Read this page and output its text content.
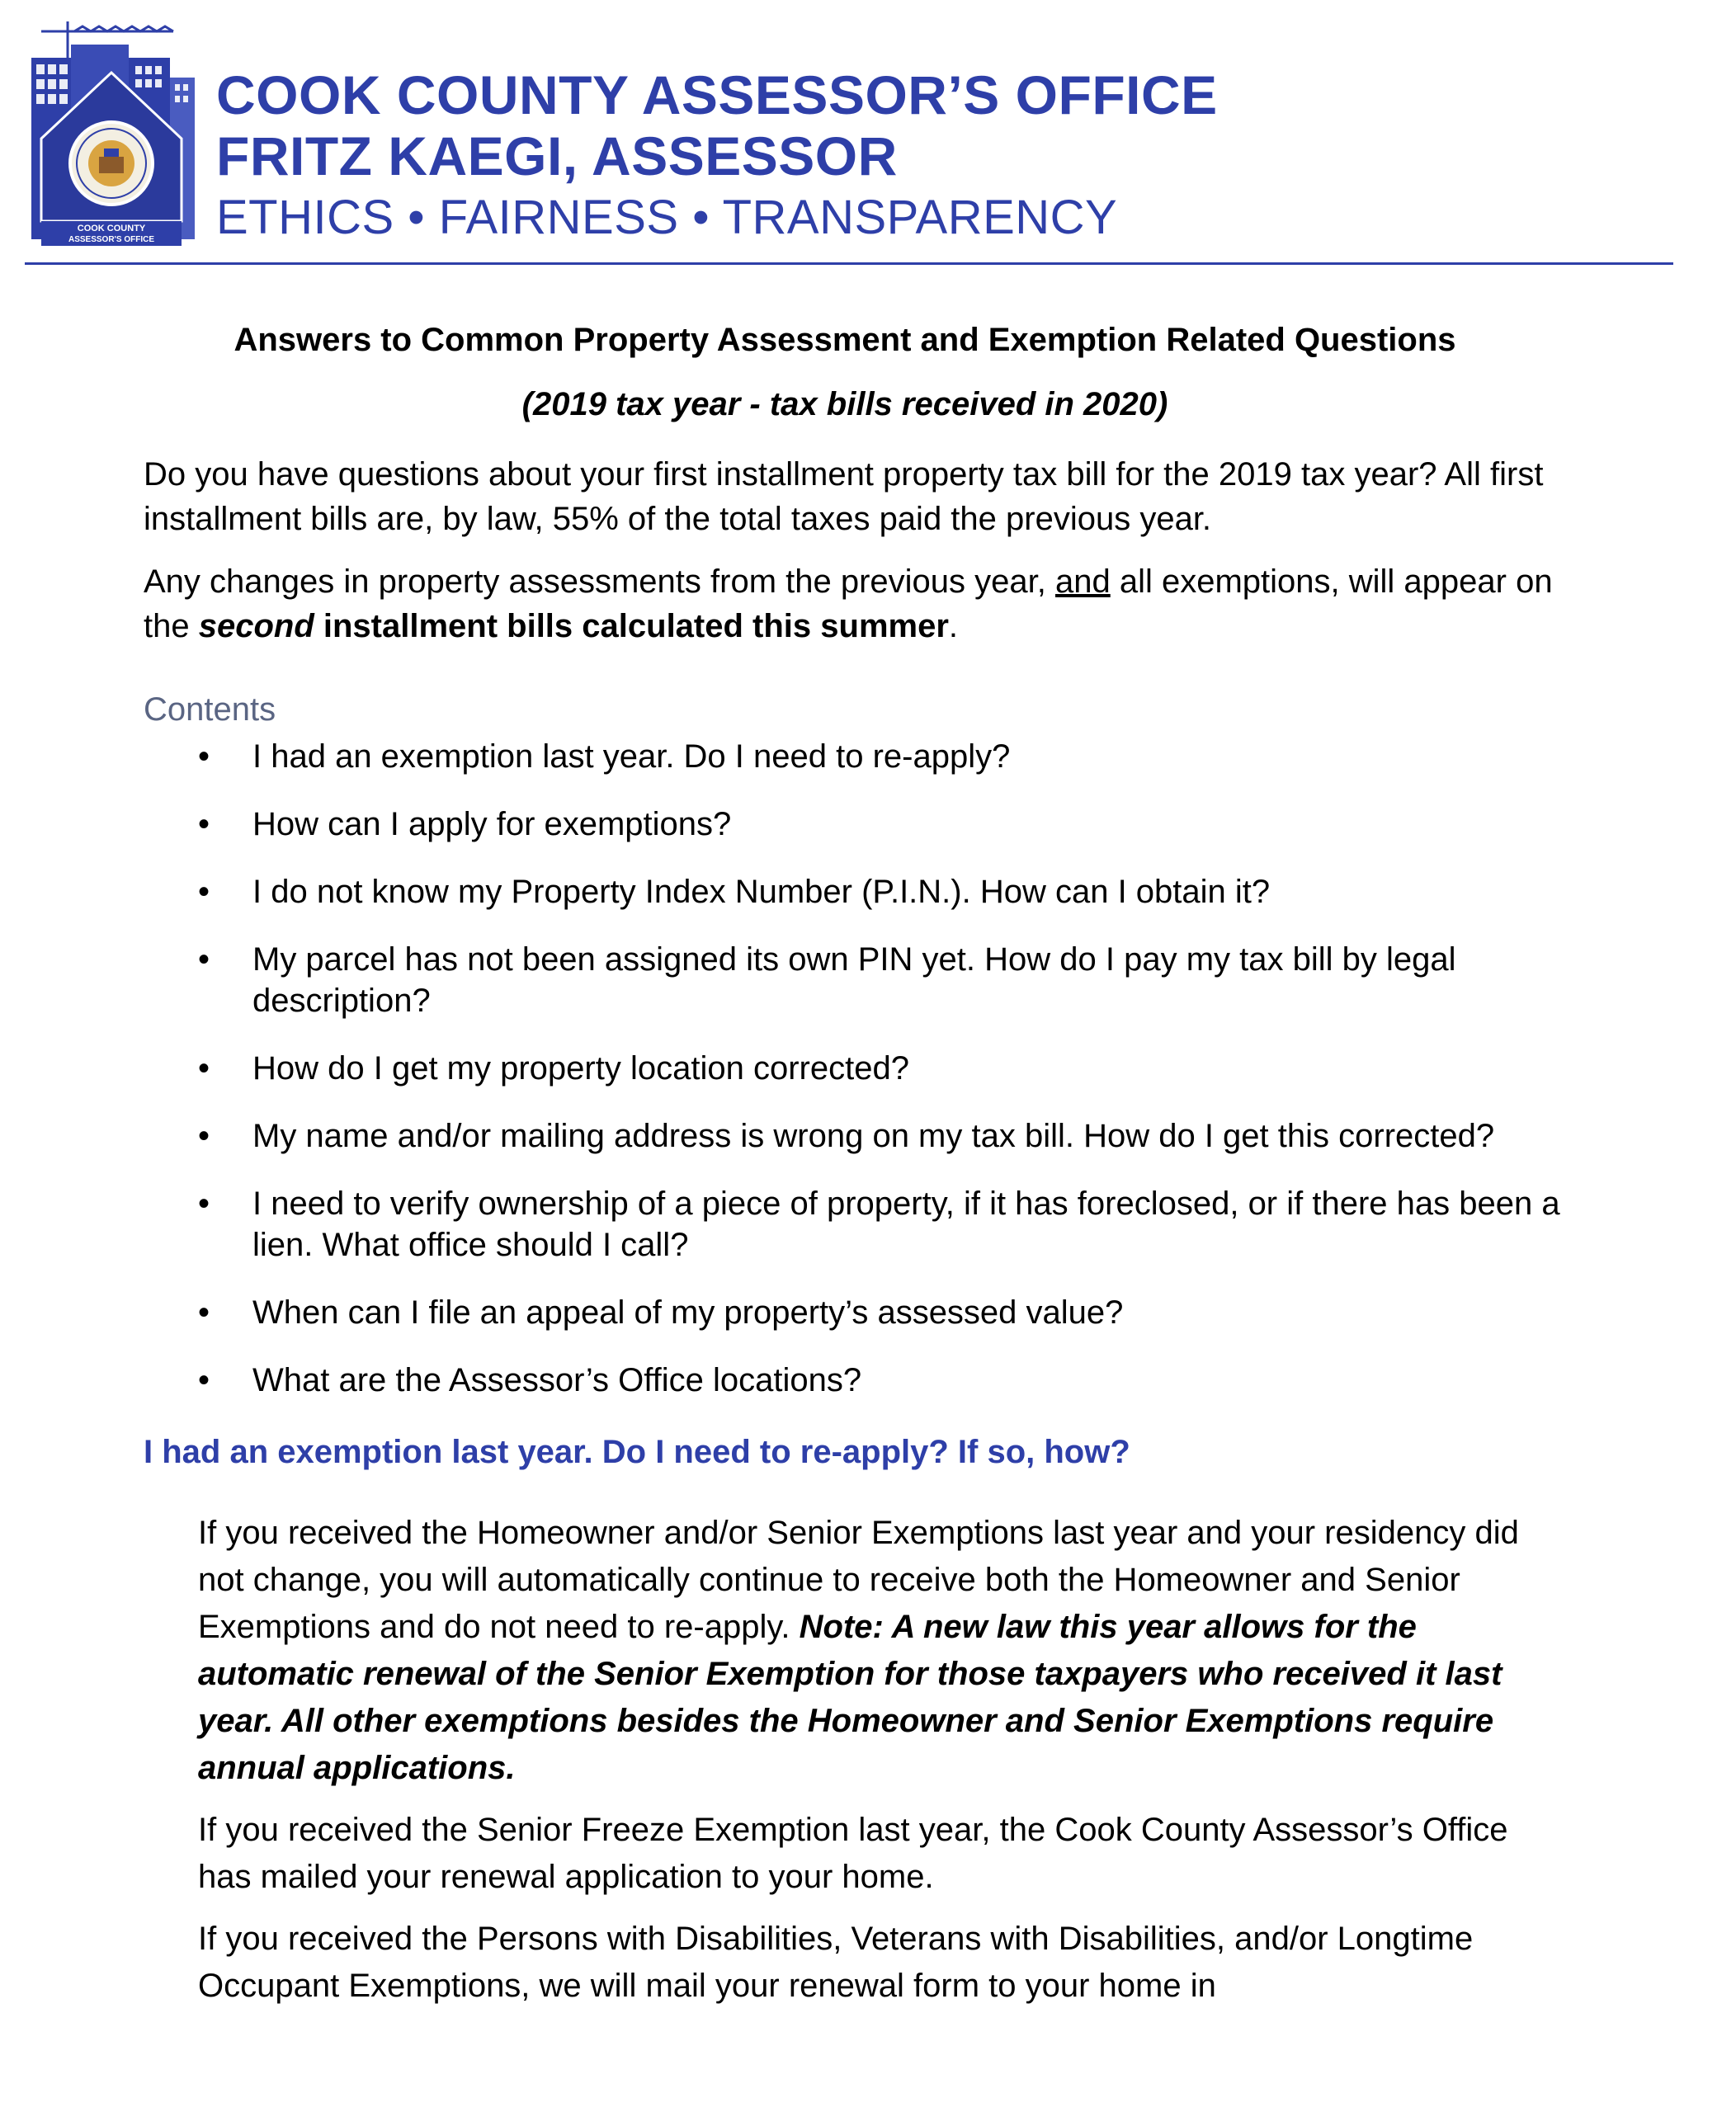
COOK COUNTY
ASSESSOR'S OFFICE
COOK COUNTY ASSESSOR’S OFFICE
FRITZ KAEGI, ASSESSOR
ETHICS • FAIRNESS • TRANSPARENCY

Answers to Common Property Assessment and Exemption Related Questions

(2019 tax year - tax bills received in 2020)

Do you have questions about your first installment property tax bill for the 2019 tax year? All first installment bills are, by law, 55% of the total taxes paid the previous year.

Any changes in property assessments from the previous year, and all exemptions, will appear on the second installment bills calculated this summer.

Contents
• I had an exemption last year. Do I need to re-apply?
• How can I apply for exemptions?
• I do not know my Property Index Number (P.I.N.). How can I obtain it?
• My parcel has not been assigned its own PIN yet. How do I pay my tax bill by legal description?
• How do I get my property location corrected?
• My name and/or mailing address is wrong on my tax bill. How do I get this corrected?
• I need to verify ownership of a piece of property, if it has foreclosed, or if there has been a lien. What office should I call?
• When can I file an appeal of my property’s assessed value?
• What are the Assessor’s Office locations?
I had an exemption last year. Do I need to re-apply? If so, how?

If you received the Homeowner and/or Senior Exemptions last year and your residency did not change, you will automatically continue to receive both the Homeowner and Senior Exemptions and do not need to re-apply. Note: A new law this year allows for the automatic renewal of the Senior Exemption for those taxpayers who received it last year. All other exemptions besides the Homeowner and Senior Exemptions require annual applications.

If you received the Senior Freeze Exemption last year, the Cook County Assessor’s Office has mailed your renewal application to your home.

If you received the Persons with Disabilities, Veterans with Disabilities, and/or Longtime Occupant Exemptions, we will mail your renewal form to your home in
